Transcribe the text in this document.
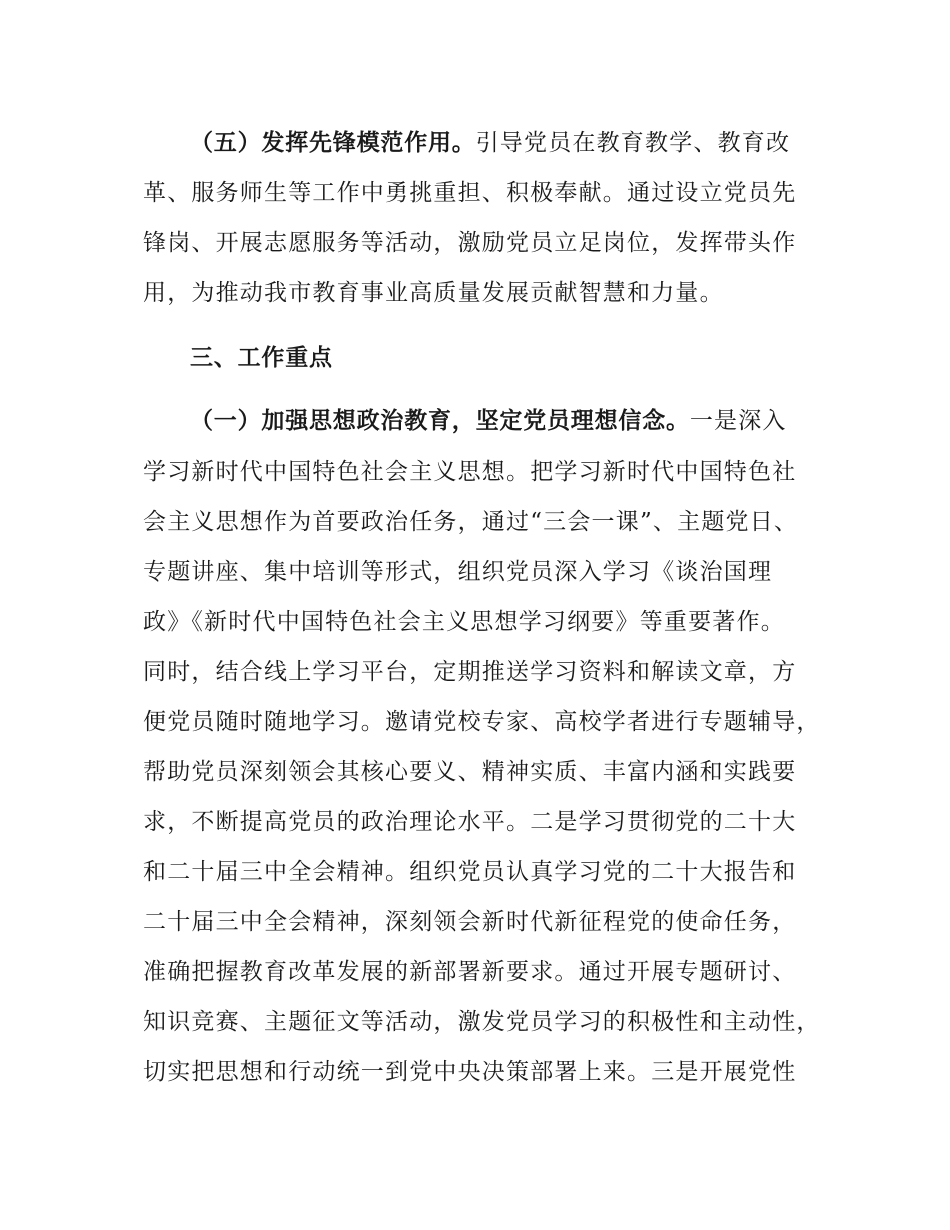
（五）发挥先锋模范作用。引导党员在教育教学、教育改
革、服务师生等工作中勇挑重担、积极奉献。通过设立党员先
锋岗、开展志愿服务等活动，激励党员立足岗位，发挥带头作
用，为推动我市教育事业高质量发展贡献智慧和力量。
三、工作重点
（一）加强思想政治教育，坚定党员理想信念。一是深入
学习新时代中国特色社会主义思想。把学习新时代中国特色社
会主义思想作为首要政治任务，通过“三会一课”、主题党日、
专题讲座、集中培训等形式，组织党员深入学习《谈治国理
政》《新时代中国特色社会主义思想学习纲要》等重要著作。
同时，结合线上学习平台，定期推送学习资料和解读文章，方
便党员随时随地学习。邀请党校专家、高校学者进行专题辅导，
帮助党员深刻领会其核心要义、精神实质、丰富内涵和实践要
求，不断提高党员的政治理论水平。二是学习贯彻党的二十大
和二十届三中全会精神。组织党员认真学习党的二十大报告和
二十届三中全会精神，深刻领会新时代新征程党的使命任务，
准确把握教育改革发展的新部署新要求。通过开展专题研讨、
知识竞赛、主题征文等活动，激发党员学习的积极性和主动性，
切实把思想和行动统一到党中央决策部署上来。三是开展党性
